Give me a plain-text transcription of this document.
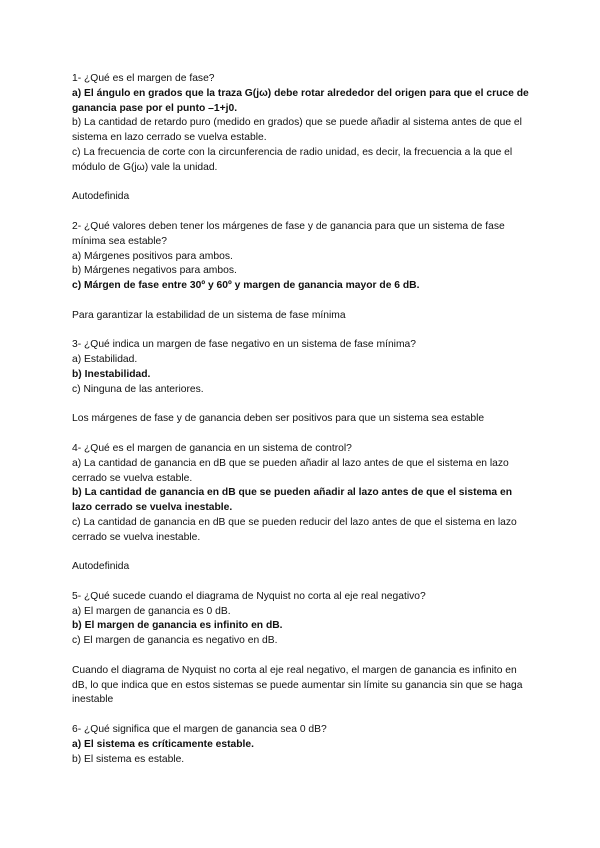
1- ¿Qué es el margen de fase?
a) El ángulo en grados que la traza G(jω) debe rotar alrededor del origen para que el cruce de ganancia pase por el punto –1+j0.
b) La cantidad de retardo puro (medido en grados) que se puede añadir al sistema antes de que el sistema en lazo cerrado se vuelva estable.
c) La frecuencia de corte con la circunferencia de radio unidad, es decir, la frecuencia a la que el módulo de G(jω) vale la unidad.
Autodefinida
2- ¿Qué valores deben tener los márgenes de fase y de ganancia para que un sistema de fase mínima sea estable?
a) Márgenes positivos para ambos.
b) Márgenes negativos para ambos.
c) Márgen de fase entre 30º y 60º y margen de ganancia mayor de 6 dB.
Para garantizar la estabilidad de un sistema de fase mínima
3- ¿Qué indica un margen de fase negativo en un sistema de fase mínima?
a) Estabilidad.
b) Inestabilidad.
c) Ninguna de las anteriores.
Los márgenes de fase y de ganancia deben ser positivos para que un sistema sea estable
4- ¿Qué es el margen de ganancia en un sistema de control?
a) La cantidad de ganancia en dB que se pueden añadir al lazo antes de que el sistema en lazo cerrado se vuelva estable.
b) La cantidad de ganancia en dB que se pueden añadir al lazo antes de que el sistema en lazo cerrado se vuelva inestable.
c) La cantidad de ganancia en dB que se pueden reducir del lazo antes de que el sistema en lazo cerrado se vuelva inestable.
Autodefinida
5- ¿Qué sucede cuando el diagrama de Nyquist no corta al eje real negativo?
a) El margen de ganancia es 0 dB.
b) El margen de ganancia es infinito en dB.
c) El margen de ganancia es negativo en dB.
Cuando el diagrama de Nyquist no corta al eje real negativo, el margen de ganancia es infinito en dB, lo que indica que en estos sistemas se puede aumentar sin límite su ganancia sin que se haga inestable
6- ¿Qué significa que el margen de ganancia sea 0 dB?
a) El sistema es críticamente estable.
b) El sistema es estable.
